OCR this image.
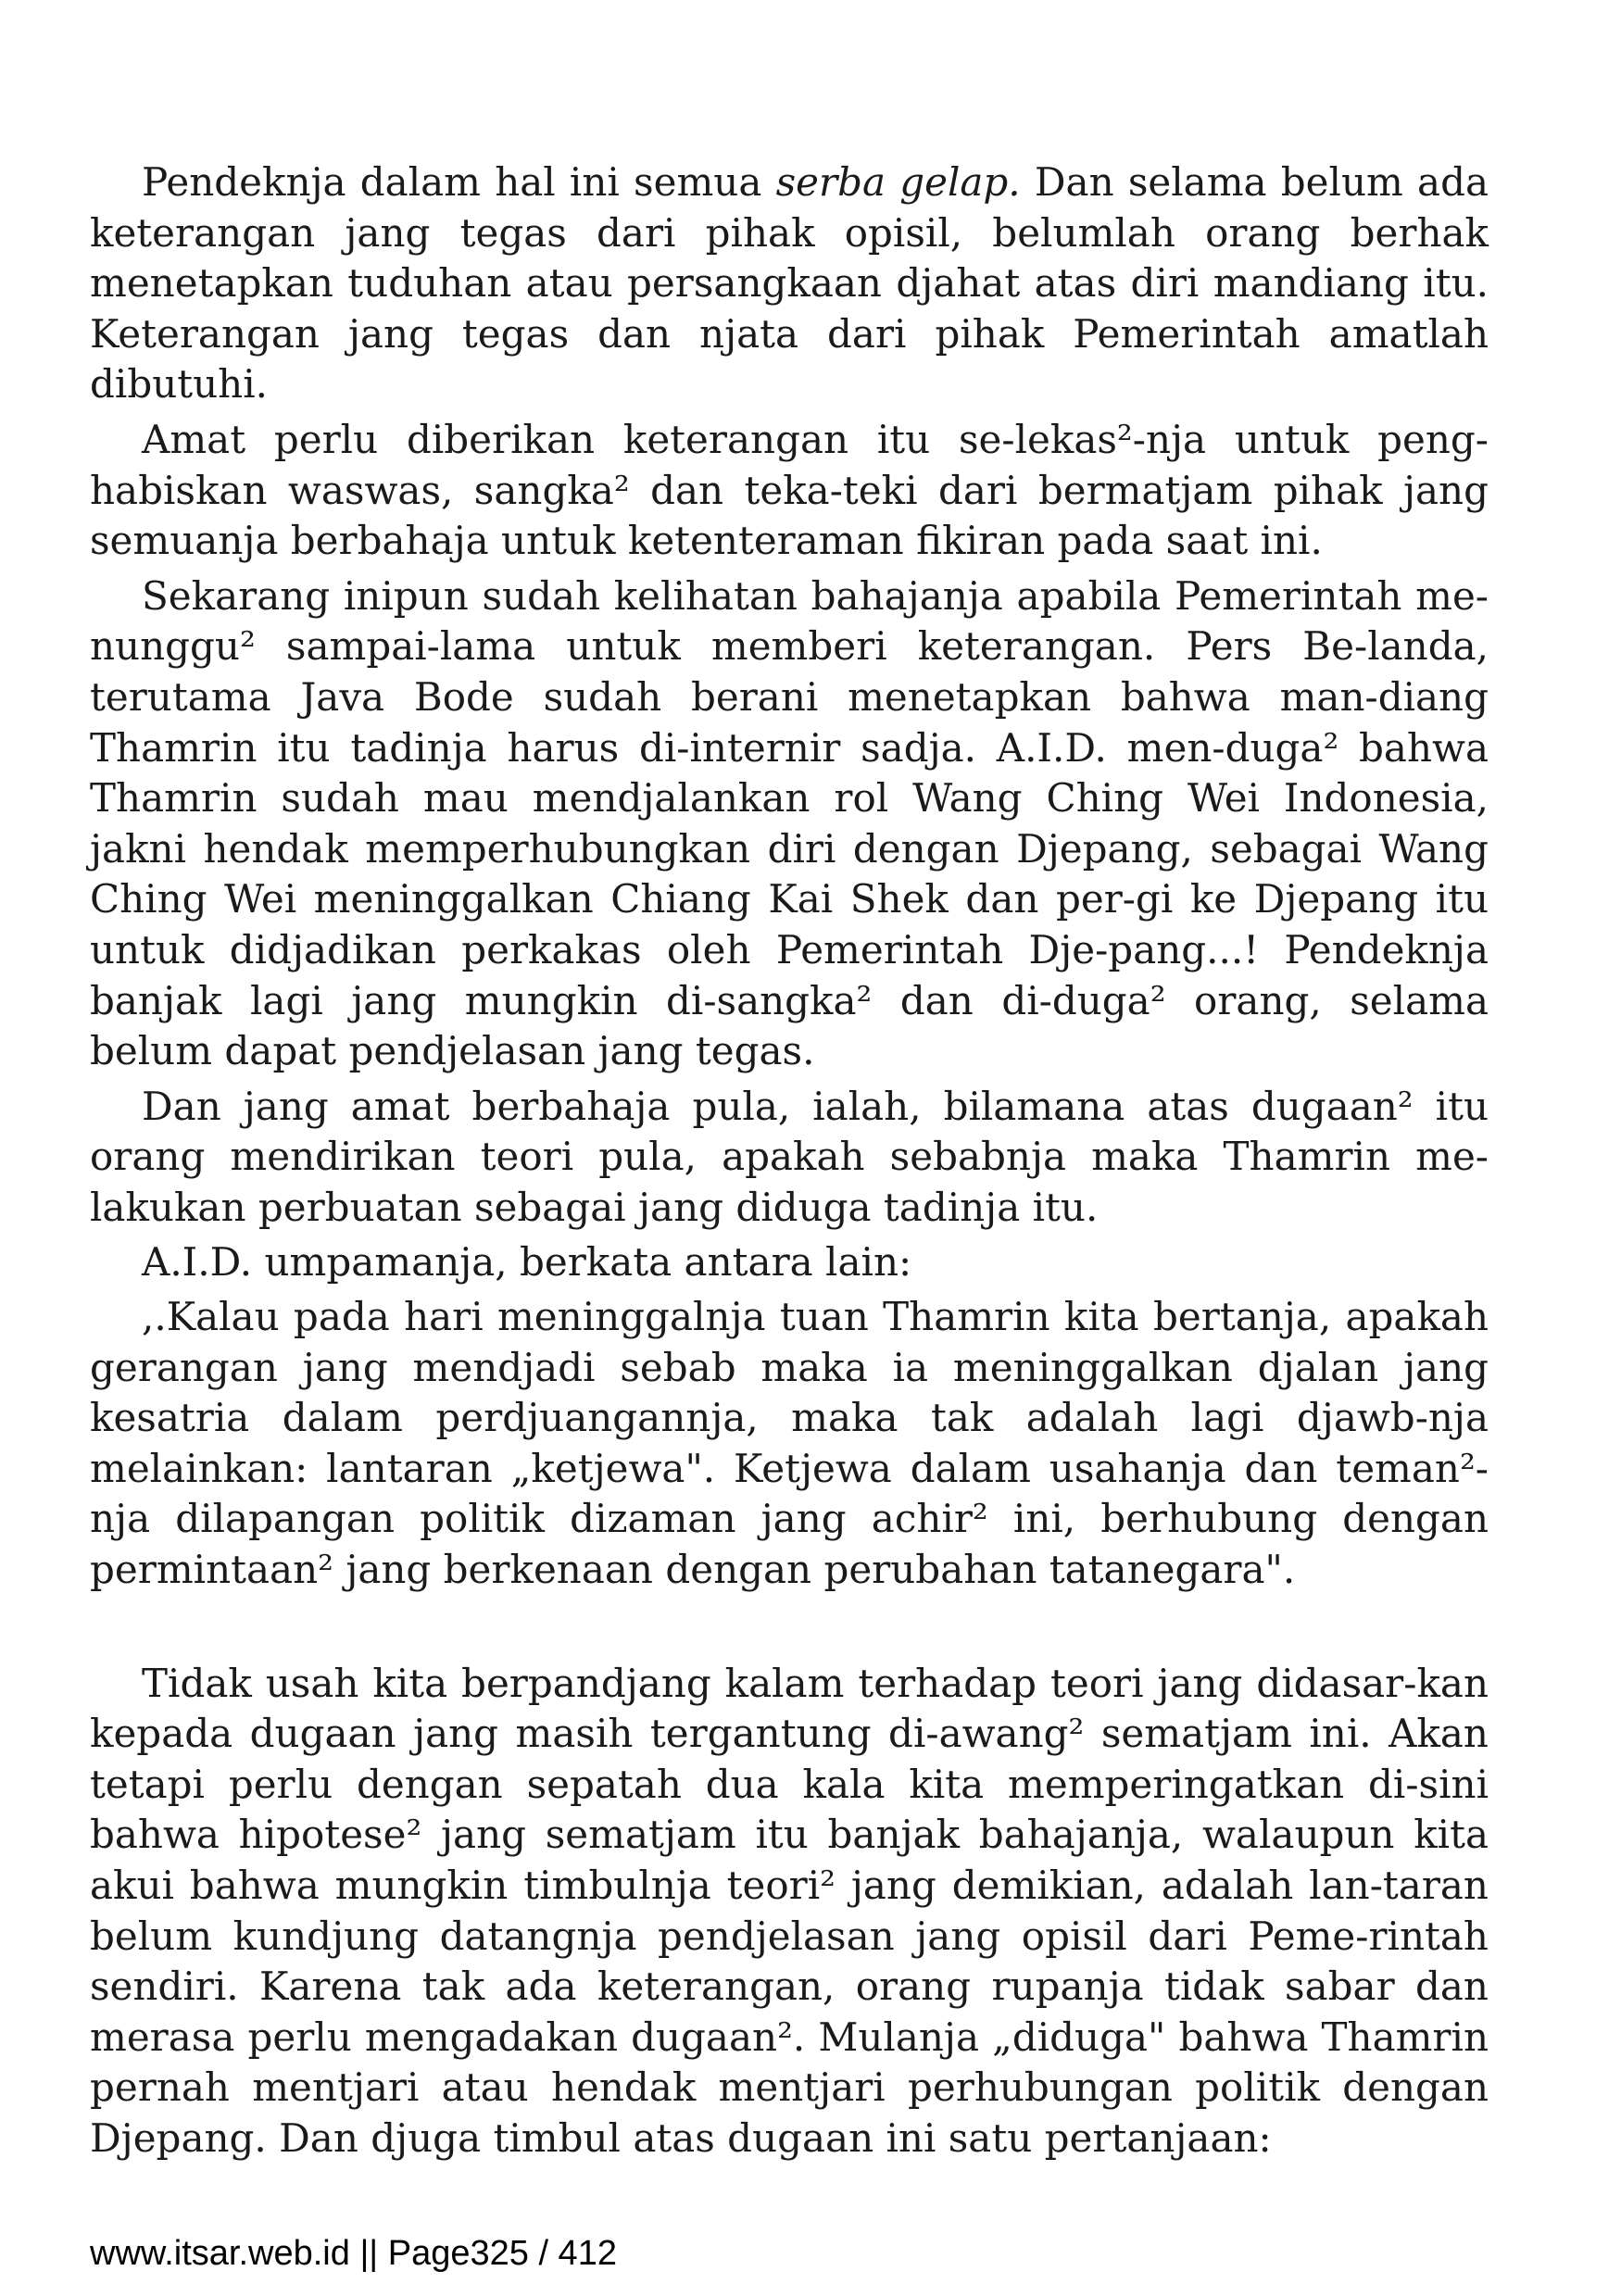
Pendeknja dalam hal ini semua serba gelap. Dan selama belum ada keterangan jang tegas dari pihak opisil, belumlah orang berhak menetapkan tuduhan atau persangkaan djahat atas diri mandiang itu. Keterangan jang tegas dan njata dari pihak Pemerintah amatlah dibutuhi.

Amat perlu diberikan keterangan itu se-lekas²-nja untuk peng-habiskan waswas, sangka² dan teka-teki dari bermatjam pihak jang semuanja berbahaja untuk ketenteraman fikiran pada saat ini.

Sekarang inipun sudah kelihatan bahajanja apabila Pemerintah me-nunggu² sampai-lama untuk memberi keterangan. Pers Be-landa, terutama Java Bode sudah berani menetapkan bahwa man-diang Thamrin itu tadinja harus di-internir sadja. A.I.D. men-duga² bahwa Thamrin sudah mau mendjalankan rol Wang Ching Wei Indonesia, jakni hendak memperhubungkan diri dengan Djepang, sebagai Wang Ching Wei meninggalkan Chiang Kai Shek dan per-gi ke Djepang itu untuk didjadikan perkakas oleh Pemerintah Dje-pang...! Pendeknja banjak lagi jang mungkin di-sangka² dan di-duga² orang, selama belum dapat pendjelasan jang tegas.

Dan jang amat berbahaja pula, ialah, bilamana atas dugaan² itu orang mendirikan teori pula, apakah sebabnja maka Thamrin me-lakukan perbuatan sebagai jang diduga tadinja itu.

A.I.D. umpamanja, berkata antara lain:

,.Kalau pada hari meninggalnja tuan Thamrin kita bertanja, apakah gerangan jang mendjadi sebab maka ia meninggalkan djalan jang kesatria dalam perdjuangannja, maka tak adalah lagi djawb-nja melainkan: lantaran „ketjewa". Ketjewa dalam usahanja dan teman²-nja dilapangan politik dizaman jang achir² ini, berhubung dengan permintaan² jang berkenaan dengan perubahan tatanegara".

Tidak usah kita berpandjang kalam terhadap teori jang didasar-kan kepada dugaan jang masih tergantung di-awang² sematjam ini. Akan tetapi perlu dengan sepatah dua kala kita memperingatkan di-sini bahwa hipotese² jang sematjam itu banjak bahajanja, walaupun kita akui bahwa mungkin timbulnja teori² jang demikian, adalah lan-taran belum kundjung datangnja pendjelasan jang opisil dari Peme-rintah sendiri. Karena tak ada keterangan, orang rupanja tidak sabar dan merasa perlu mengadakan dugaan². Mulanja „diduga" bahwa Thamrin pernah mentjari atau hendak mentjari perhubungan politik dengan Djepang. Dan djuga timbul atas dugaan ini satu pertanjaan:

www.itsar.web.id || Page325 / 412
